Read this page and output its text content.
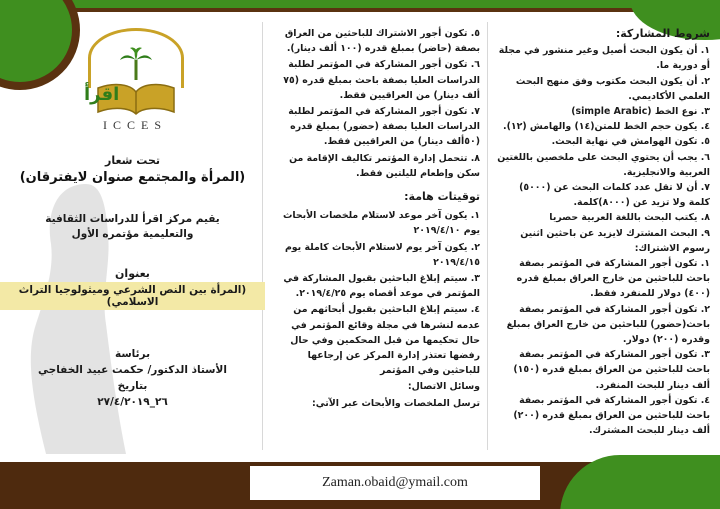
اقرأ
ICCES
تحت شعار
(المرأة والمجتمع صنوان لايفترقان)
يقيم مركز اقرأ للدراسات الثقافية
والتعليمية مؤتمره الأول
بعنوان
(المرأة بين النص الشرعي وميثولوجيا التراث الاسلامي)
برئاسة
الأستاذ الدكتور/ حكمت عبيد الخفاجي
بتاريخ
٢٦_٢٧/٤/٢٠١٩

٥. تكون أجور الاشتراك للباحثين من العراق بصفة (حاضر) بمبلغ قدره (١٠٠ ألف دينار).

٦. تكون أجور المشاركة في المؤتمر لطلبة الدراسات العليا بصفة باحث بمبلغ قدره (٧٥ ألف دينار) من العراقيين فقط.

٧. تكون أجور المشاركة في المؤتمر لطلبة الدراسات العليا بصفة (حضور) بمبلغ قدره (٥٠ألف دينار) من العراقيين فقط.

٨. تتحمل إدارة المؤتمر تكاليف الإقامة من سكن وإطعام لليلتين فقط.

توقيتات هامة:

١. يكون آخر موعد لاستلام ملخصات الأبحاث يوم ٢٠١٩/٤/١٠

٢. يكون آخر يوم لاستلام الأبحاث كاملة يوم ٢٠١٩/٤/١٥

٣. سيتم إبلاغ الباحثين بقبول المشاركة في المؤتمر في موعد أقصاه يوم ٢٠١٩/٤/٢٥.

٤. سيتم إبلاغ الباحثين بقبول أبحاثهم من عدمه لنشرها في مجلة وقائع المؤتمر في حال تحكيمها من قبل المحكمين وفي حال رفضها تعتذر إدارة المركز عن إرجاعها للباحثين وفي المؤتمر

وسائل الاتصال:

ترسل الملخصات والأبحاث عبر الآتي:

شروط المشاركة:

١. أن يكون البحث أصيل وغير منشور في مجلة أو دورية ما.

٢. أن يكون البحث مكتوب وفق منهج البحث العلمي الأكاديمي.

٣. نوع الخط (simple Arabic)

٤. يكون حجم الخط للمتن(١٤) والهامش (١٢).

٥. تكون الهوامش في نهاية البحث.

٦. يجب أن يحتوي البحث على ملخصين باللغتين العربية والانجليزية.

٧. أن لا تقل عدد كلمات البحث عن (٥٠٠٠) كلمة ولا تزيد عن (٨٠٠٠)كلمة.

٨. يكتب البحث باللغة العربية حصريا

٩. البحث المشترك لايزيد عن باحثين اثنين رسوم الاشتراك:

١. تكون أجور المشاركة في المؤتمر بصفة باحث للباحثين من خارج العراق بمبلغ قدره (٤٠٠) دولار للمنفرد فقط.

٢. تكون أجور المشاركة في المؤتمر بصفة باحث(حضور) للباحثين من خارج العراق بمبلغ وقدره (٢٠٠) دولار.

٣. تكون أجور المشاركة في المؤتمر بصفة باحث للباحثين من العراق بمبلغ قدره (١٥٠) ألف دينار للبحث المنفرد.

٤. تكون أجور المشاركة في المؤتمر بصفة باحث للباحثين من العراق بمبلغ قدره (٢٠٠) ألف دينار للبحث المشترك.

Zaman.obaid@ymail.com
